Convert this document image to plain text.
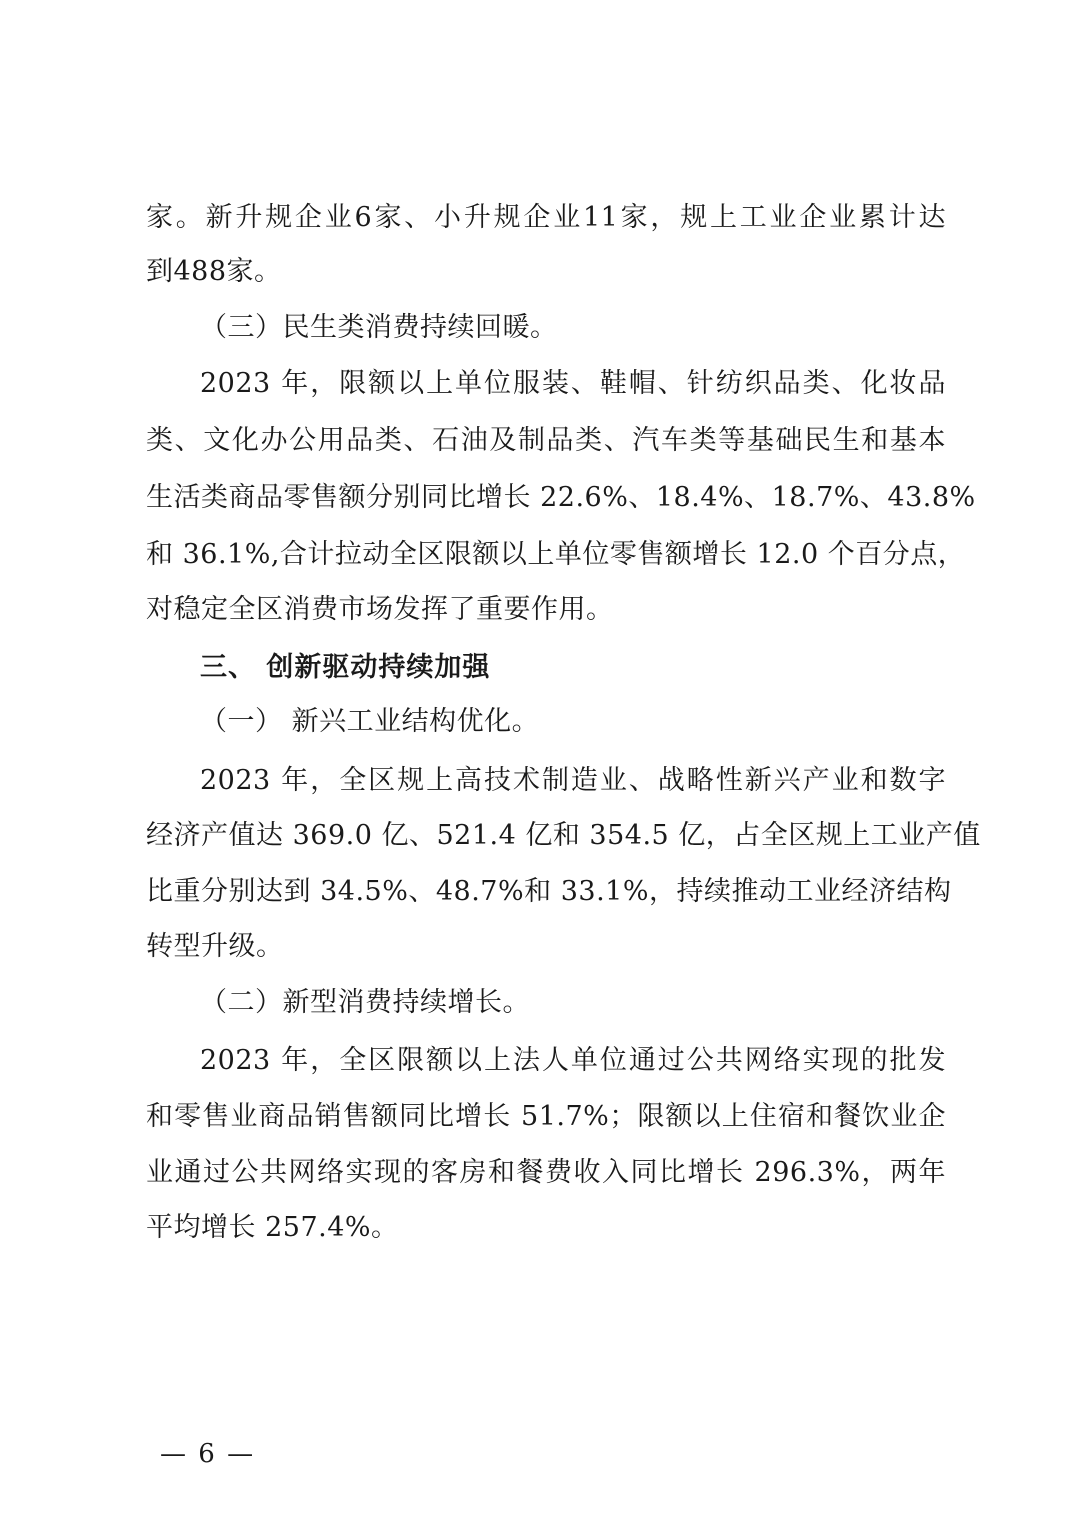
家。新升规企业6家、小升规企业11家，规上工业企业累计达
到488家。
（三）民生类消费持续回暖。
2023 年，限额以上单位服装、鞋帽、针纺织品类、化妆品
类、文化办公用品类、石油及制品类、汽车类等基础民生和基本
生活类商品零售额分别同比增长 22.6%、18.4%、18.7%、43.8%
和 36.1%,合计拉动全区限额以上单位零售额增长 12.0 个百分点，
对稳定全区消费市场发挥了重要作用。
三、 创新驱动持续加强
（一） 新兴工业结构优化。
2023 年，全区规上高技术制造业、战略性新兴产业和数字
经济产值达 369.0 亿、521.4 亿和 354.5 亿，占全区规上工业产值
比重分别达到 34.5%、48.7%和 33.1%，持续推动工业经济结构
转型升级。
（二）新型消费持续增长。
2023 年，全区限额以上法人单位通过公共网络实现的批发
和零售业商品销售额同比增长 51.7%；限额以上住宿和餐饮业企
业通过公共网络实现的客房和餐费收入同比增长 296.3%，两年
平均增长 257.4%。
— 6 —
